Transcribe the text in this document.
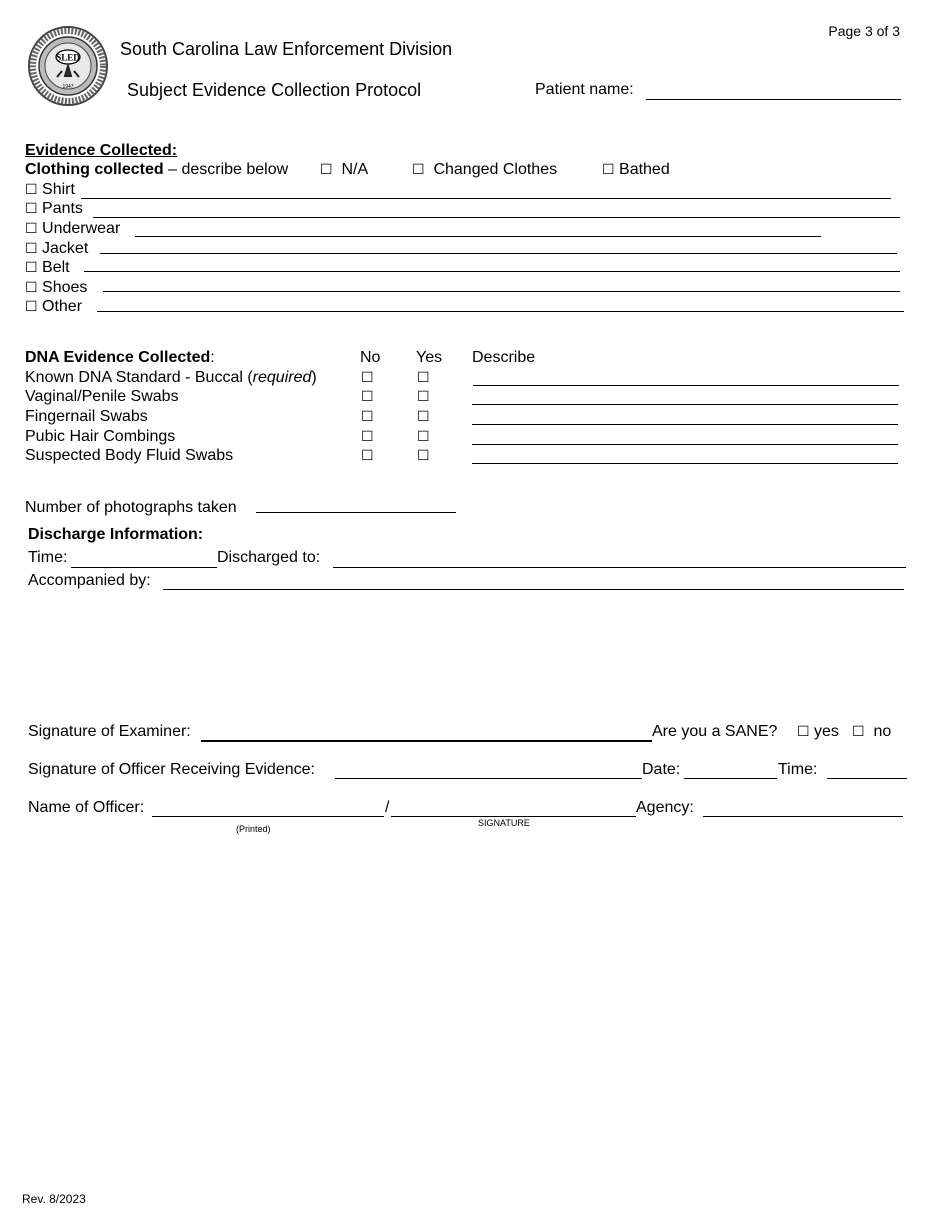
SLED
1947
Page 3 of 3
South Carolina Law Enforcement Division
Subject Evidence Collection Protocol	Patient name:
Evidence Collected:
Clothing collected – describe below ☐ N/A	☐ Changed Clothes	☐ Bathed
☐ Shirt
☐ Pants
☐ Underwear
☐ Jacket
☐ Belt
☐ Shoes
☐ Other
DNA Evidence Collected:	No Yes Describe
Known DNA Standard - Buccal (required)	☐	☐
Vaginal/Penile Swabs	☐	☐
Fingernail Swabs	☐	☐
Pubic Hair Combings	☐	☐
Suspected Body Fluid Swabs	☐	☐
Number of photographs taken
Discharge Information:
Time:	Discharged to:
Accompanied by:
Signature of Examiner:	Are you a SANE? ☐ yes ☐ no
Signature of Officer Receiving Evidence:	Date:	Time:
Name of Officer:	/	Agency:
(Printed)
SIGNATURE
Rev. 8/2023
